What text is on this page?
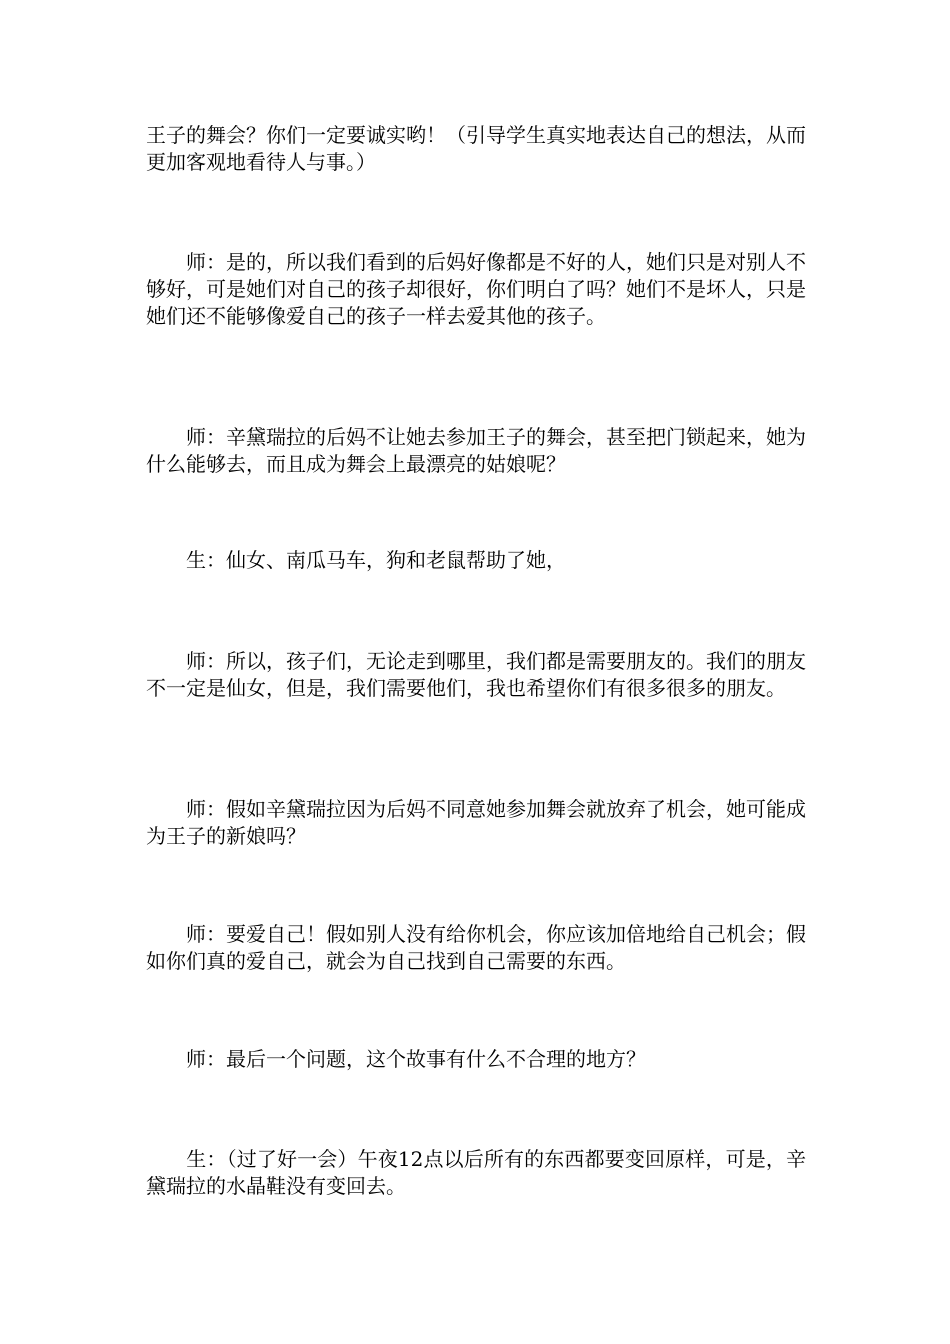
王子的舞会？你们一定要诚实哟！（引导学生真实地表达自己的想法，从而更加客观地看待人与事。）

　　师：是的，所以我们看到的后妈好像都是不好的人，她们只是对别人不够好，可是她们对自己的孩子却很好，你们明白了吗？她们不是坏人，只是她们还不能够像爱自己的孩子一样去爱其他的孩子。

　　师：辛黛瑞拉的后妈不让她去参加王子的舞会，甚至把门锁起来，她为什么能够去，而且成为舞会上最漂亮的姑娘呢？

　　生：仙女、南瓜马车，狗和老鼠帮助了她，

　　师：所以，孩子们，无论走到哪里，我们都是需要朋友的。我们的朋友不一定是仙女，但是，我们需要他们，我也希望你们有很多很多的朋友。

　　师：假如辛黛瑞拉因为后妈不同意她参加舞会就放弃了机会，她可能成为王子的新娘吗？

　　师：要爱自己！假如别人没有给你机会，你应该加倍地给自己机会；假如你们真的爱自己，就会为自己找到自己需要的东西。

　　师：最后一个问题，这个故事有什么不合理的地方？

　　生：（过了好一会）午夜12点以后所有的东西都要变回原样，可是，辛黛瑞拉的水晶鞋没有变回去。
